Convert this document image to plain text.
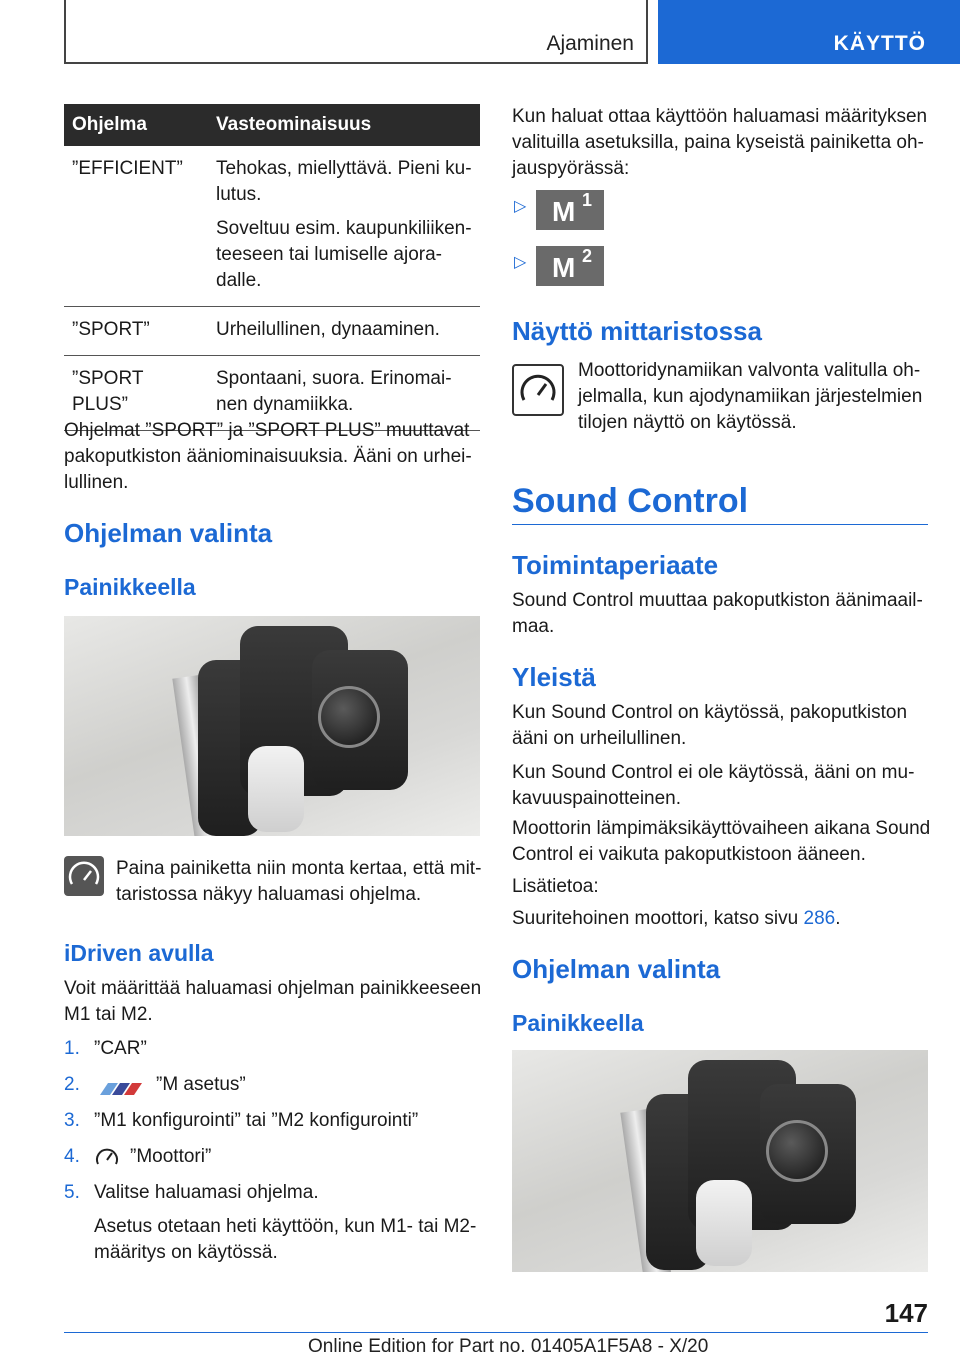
Ajaminen	KÄYTTÖ
Ohjelma	Vasteominaisuus
”EFFICIENT”	Tehokas, miellyttävä. Pieni ku-lutus.

Soveltuu esim. kaupunkiliiken-teeseen tai lumiselle ajora-dalle.

”SPORT”	Urheilullinen, dynaaminen.
”SPORT PLUS”	Spontaani, suora. Erinomai-nen dynamiikka.
Ohjelmat ”SPORT” ja ”SPORT PLUS” muuttavat pakoputkiston ääniominaisuuksia. Ääni on urhei-lullinen.
Ohjelman valinta
Painikkeella
Paina painiketta niin monta kertaa, että mit-taristossa näkyy haluamasi ohjelma.
iDriven avulla
Voit määrittää haluamasi ohjelman painikkeeseen M1 tai M2.
1. ”CAR”
2.	”M asetus”
3. ”M1 konfigurointi” tai ”M2 konfigurointi”
4.	”Moottori”
5. Valitse haluamasi ohjelma.
Asetus otetaan heti käyttöön, kun M1- tai M2-määritys on käytössä.
Kun haluat ottaa käyttöön haluamasi määrityksen valituilla asetuksilla, paina kyseistä painiketta oh-jauspyörässä:
▷ M 1
▷ M 2
Näyttö mittaristossa
Moottoridynamiikan valvonta valitulla oh-jelmalla, kun ajodynamiikan järjestelmien tilojen näyttö on käytössä.
Sound Control
Toimintaperiaate
Sound Control muuttaa pakoputkiston äänimaail-maa.
Yleistä
Kun Sound Control on käytössä, pakoputkiston ääni on urheilullinen.
Kun Sound Control ei ole käytössä, ääni on mu-kavuuspainotteinen.
Moottorin lämpimäksikäyttövaiheen aikana Sound Control ei vaikuta pakoputkistoon ääneen.
Lisätietoa:
Suuritehoinen moottori, katso sivu 286.
Ohjelman valinta
Painikkeella
147
Online Edition for Part no. 01405A1F5A8 - X/20
